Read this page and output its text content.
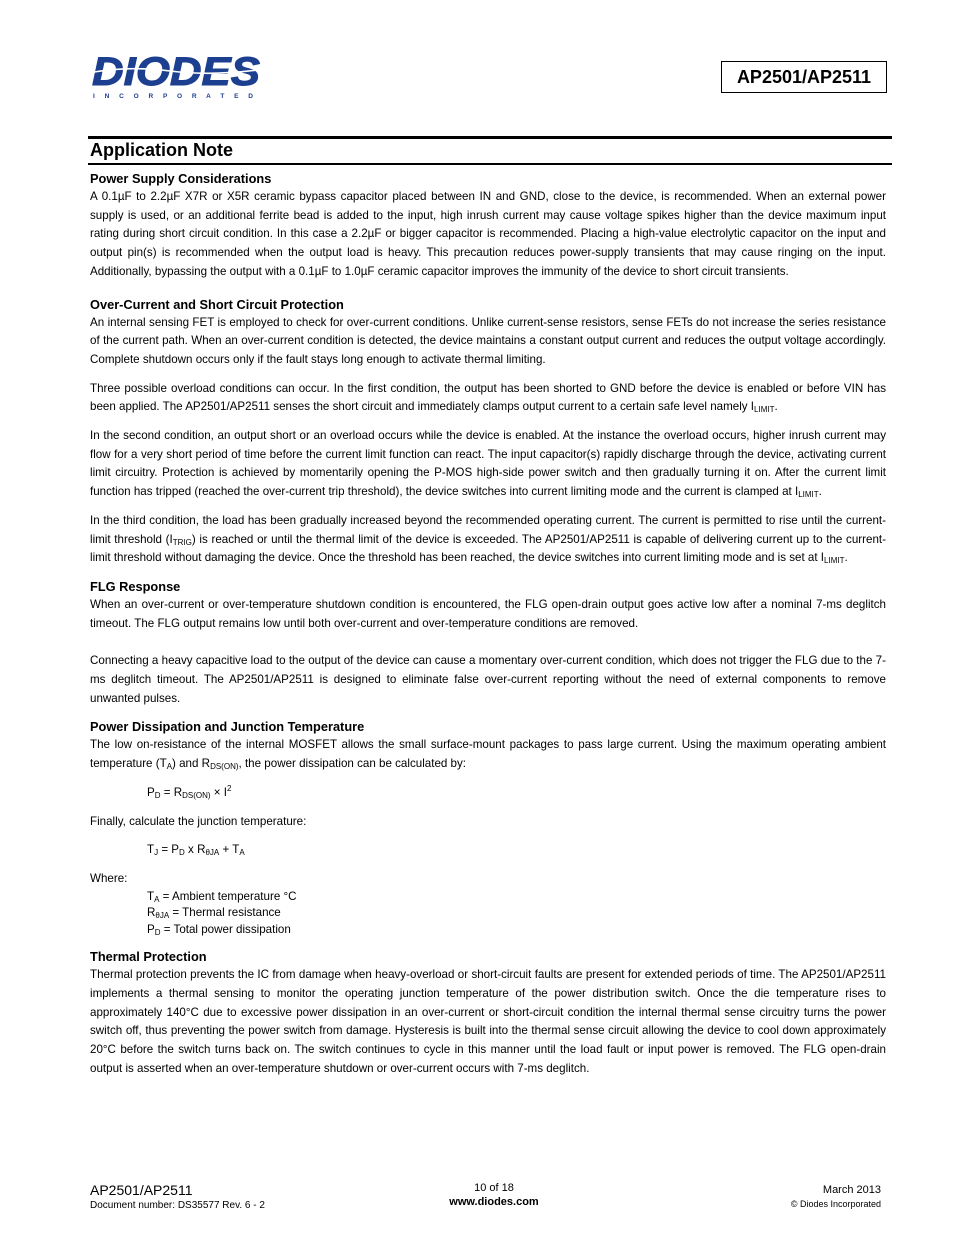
DIODES
I N C O R P O R A T E D
AP2501/AP2511
Application Note
Power Supply Considerations

A 0.1µF to 2.2µF X7R or X5R ceramic bypass capacitor placed between IN and GND, close to the device, is recommended. When an external power supply is used, or an additional ferrite bead is added to the input, high inrush current may cause voltage spikes higher than the device maximum input rating during short circuit condition. In this case a 2.2µF or bigger capacitor is recommended. Placing a high-value electrolytic capacitor on the input and output pin(s) is recommended when the output load is heavy. This precaution reduces power-supply transients that may cause ringing on the input. Additionally, bypassing the output with a 0.1µF to 1.0µF ceramic capacitor improves the immunity of the device to short circuit transients.

Over-Current and Short Circuit Protection

An internal sensing FET is employed to check for over-current conditions. Unlike current-sense resistors, sense FETs do not increase the series resistance of the current path. When an over-current condition is detected, the device maintains a constant output current and reduces the output voltage accordingly. Complete shutdown occurs only if the fault stays long enough to activate thermal limiting.

Three possible overload conditions can occur. In the first condition, the output has been shorted to GND before the device is enabled or before VIN has been applied. The AP2501/AP2511 senses the short circuit and immediately clamps output current to a certain safe level namely $I_{LIMIT}$.

In the second condition, an output short or an overload occurs while the device is enabled. At the instance the overload occurs, higher inrush current may flow for a very short period of time before the current limit function can react. The input capacitor(s) rapidly discharge through the device, activating current limit circuitry. Protection is achieved by momentarily opening the P-MOS high-side power switch and then gradually turning it on. After the current limit function has tripped (reached the over-current trip threshold), the device switches into current limiting mode and the current is clamped at $I_{LIMIT}$.

In the third condition, the load has been gradually increased beyond the recommended operating current. The current is permitted to rise until the current-limit threshold $(I_{TRIG})$ is reached or until the thermal limit of the device is exceeded. The AP2501/AP2511 is capable of delivering current up to the current-limit threshold without damaging the device. Once the threshold has been reached, the device switches into current limiting mode and is set at $I_{LIMIT}$.

FLG Response

When an over-current or over-temperature shutdown condition is encountered, the FLG open-drain output goes active low after a nominal 7-ms deglitch timeout. The FLG output remains low until both over-current and over-temperature conditions are removed.

Connecting a heavy capacitive load to the output of the device can cause a momentary over-current condition, which does not trigger the FLG due to the 7-ms deglitch timeout. The AP2501/AP2511 is designed to eliminate false over-current reporting without the need of external components to remove unwanted pulses.

Power Dissipation and Junction Temperature

The low on-resistance of the internal MOSFET allows the small surface-mount packages to pass large current. Using the maximum operating ambient temperature $(T_A)$ and $R_{DS(ON)}$, the power dissipation can be calculated by:

$P_D = R_{DS(ON)} \times I^2$

Finally, calculate the junction temperature:

$T_J = P_D$ x $R_{\theta JA} + T_A$

Where:

$T_A$ = Ambient temperature °C
$R_{\theta JA}$ = Thermal resistance
$P_D$ = Total power dissipation
Thermal Protection

Thermal protection prevents the IC from damage when heavy-overload or short-circuit faults are present for extended periods of time. The AP2501/AP2511 implements a thermal sensing to monitor the operating junction temperature of the power distribution switch. Once the die temperature rises to approximately 140°C due to excessive power dissipation in an over-current or short-circuit condition the internal thermal sense circuitry turns the power switch off, thus preventing the power switch from damage. Hysteresis is built into the thermal sense circuit allowing the device to cool down approximately 20°C before the switch turns back on. The switch continues to cycle in this manner until the load fault or input power is removed. The FLG open-drain output is asserted when an over-temperature shutdown or over-current occurs with 7-ms deglitch.

AP2501/AP2511
Document number: DS35577 Rev. 6 - 2
10 of 18
www.diodes.com
March 2013
© Diodes Incorporated
